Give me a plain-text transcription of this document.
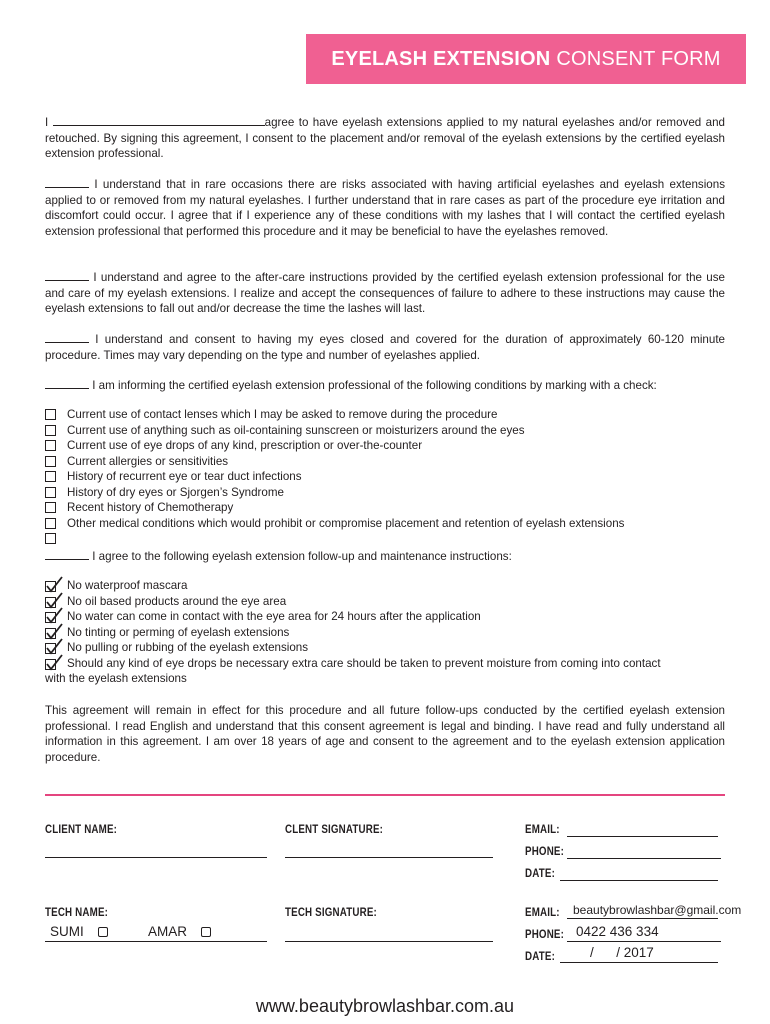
EYELASH EXTENSION CONSENT FORM

I	agree to have eyelash extensions applied to my natural eyelashes and/or removed and retouched. By signing this agreement, I consent to the placement and/or removal of the eyelash extensions by the certified eyelash extension professional.

I understand that in rare occasions there are risks associated with having artificial eyelashes and eyelash extensions applied to or removed from my natural eyelashes. I further understand that in rare cases as part of the procedure eye irritation and discomfort could occur. I agree that if I experience any of these conditions with my lashes that I will contact the certified eyelash extension professional that performed this procedure and it may be beneficial to have the eyelashes removed.

I understand and agree to the after-care instructions provided by the certified eyelash extension professional for the use and care of my eyelash extensions. I realize and accept the consequences of failure to adhere to these instructions may cause the eyelash extensions to fall out and/or decrease the time the lashes will last.

I understand and consent to having my eyes closed and covered for the duration of approximately 60-120 minute procedure. Times may vary depending on the type and number of eyelashes applied.

I am informing the certified eyelash extension professional of the following conditions by marking with a check:

Current use of contact lenses which I may be asked to remove during the procedure
Current use of anything such as oil-containing sunscreen or moisturizers around the eyes
Current use of eye drops of any kind, prescription or over-the-counter
Current allergies or sensitivities
History of recurrent eye or tear duct infections
History of dry eyes or Sjorgen’s Syndrome
Recent history of Chemotherapy
Other medical conditions which would prohibit or compromise placement and retention of eyelash extensions

I agree to the following eyelash extension follow-up and maintenance instructions:

No waterproof mascara
No oil based products around the eye area
No water can come in contact with the eye area for 24 hours after the application
No tinting or perming of eyelash extensions
No pulling or rubbing of the eyelash extensions
Should any kind of eye drops be necessary extra care should be taken to prevent moisture from coming into contact
with the eyelash extensions

This agreement will remain in effect for this procedure and all future follow-ups conducted by the certified eyelash extension professional. I read English and understand that this consent agreement is legal and binding. I have read and fully understand all information in this agreement. I am over 18 years of age and consent to the agreement and to the eyelash extension application procedure.

CLIENT NAME:	CLENT SIGNATURE:	EMAIL:
PHONE:
DATE:
TECH NAME:
SUMI	AMAR
TECH SIGNATURE:	EMAIL: beautybrowlashbar@gmail.com
PHONE: 0422 436 334
DATE:	/      / 2017
www.beautybrowlashbar.com.au
